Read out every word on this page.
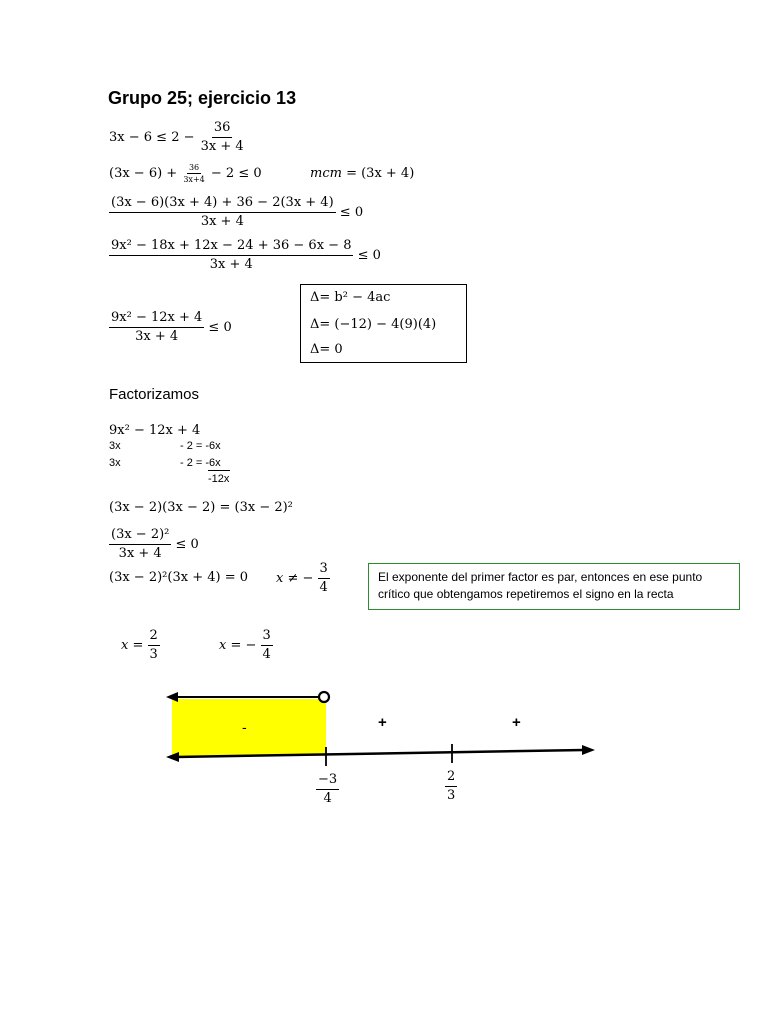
Grupo 25; ejercicio 13
$3x - 6 \le 2 - \frac{36}{3x + 4}$
$(3x - 6) + \frac{36}{3x+4} - 2 \le 0$	mcm = (3x + 4)
$\frac{(3x - 6)(3x + 4) + 36 - 2(3x + 4)}{3x + 4} \le 0$
$\frac{\text{9x² − 18x + 12x − 24 + 36 − 6x − 8}}{3x + 4} \le 0$
$\frac{\text{9x² − 12x + 4}}{3x + 4} \le 0$
Δ= b² − 4ac
Δ= (−12) − 4(9)(4)
Δ= 0
Factorizamos
9x² − 12x + 4
3x	- 2 = -6x
3x	- 2 = -6x
-12x
(3x − 2)(3x − 2) = (3x − 2)²
$\frac{\text{(3x − 2)²}}{3x + 4} \le 0$
(3x − 2)²(3x + 4) = 0 x ≠ − $\frac{3}{4}$	El exponente del primer factor es par, entonces en ese punto crítico que obtengamos repetiremos el signo en la recta
$x = \frac{2}{3}$	x = − $\frac{3}{4}$
-	+	+
$\frac{-3}{4}$	$\frac{2}{3}$
